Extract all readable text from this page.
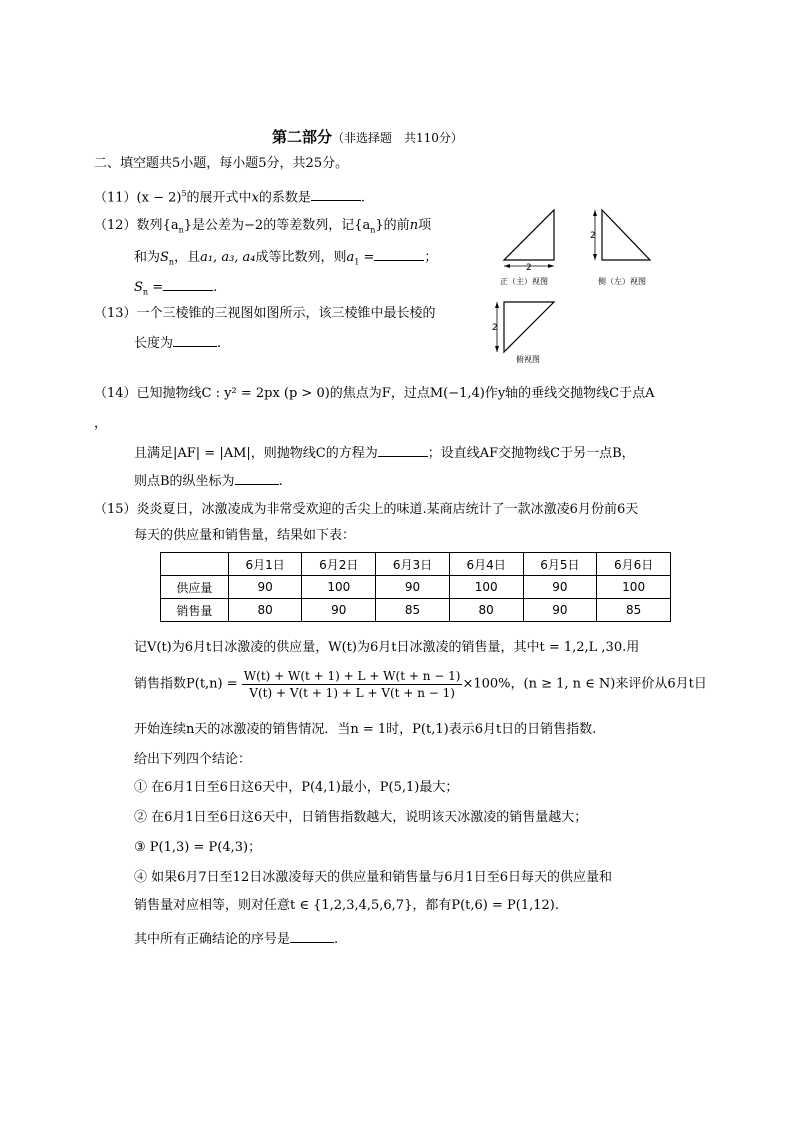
第二部分（非选择题　共110分）
二、填空题共5小题，每小题5分，共25分。
$(11)(x - 2)^5$的展开式中x的系数是	.
（12）数列$\{a_n\}$是公差为−2的等差数列，记$\{a_n\}$的前n项
和为$S_n$，且a₁, a₃, a₄成等比数列，则$a_1$ =	；
$S_n$ =	.
（13）一个三棱锥的三视图如图所示，该三棱锥中最长棱的
长度为	.
2
正（主）视图
2
侧（左）视图
2
俯视图
（14）已知抛物线C : y² = 2px (p > 0)的焦点为F，过点M(−1,4)作y轴的垂线交抛物线C于点A
，
且满足|AF| = |AM|，则抛物线C的方程为	；设直线AF交抛物线C于另一点B，
则点B的纵坐标为	.
（15）炎炎夏日，冰激凌成为非常受欢迎的舌尖上的味道.某商店统计了一款冰激凌6月份前6天
每天的供应量和销售量，结果如下表：
	6月1日	6月2日	6月3日	6月4日	6月5日	6月6日
供应量	90	100	90	100	90	100
销售量	80	90	85	80	90	85
记V(t)为6月t日冰激凌的供应量，W(t)为6月t日冰激凌的销售量，其中t = 1,2,L ,30.用
销售指数$P(t,n) = \frac{W(t) + W(t + 1) + L + W(t + n - 1)}{V(t) + V(t + 1) + L + V(t + n - 1)} \times 100\%$，(n ≥ 1, n ∈ N)来评价从6月t日
开始连续n天的冰激凌的销售情况．当n = 1时，P(t,1)表示6月t日的日销售指数.
给出下列四个结论：
① 在6月1日至6日这6天中，P(4,1)最小，P(5,1)最大；
② 在6月1日至6日这6天中，日销售指数越大，说明该天冰激凌的销售量越大；
③ P(1,3) = P(4,3)；
④ 如果6月7日至12日冰激凌每天的供应量和销售量与6月1日至6日每天的供应量和
销售量对应相等，则对任意t ∈ {1,2,3,4,5,6,7}，都有P(t,6) = P(1,12).
其中所有正确结论的序号是	.
